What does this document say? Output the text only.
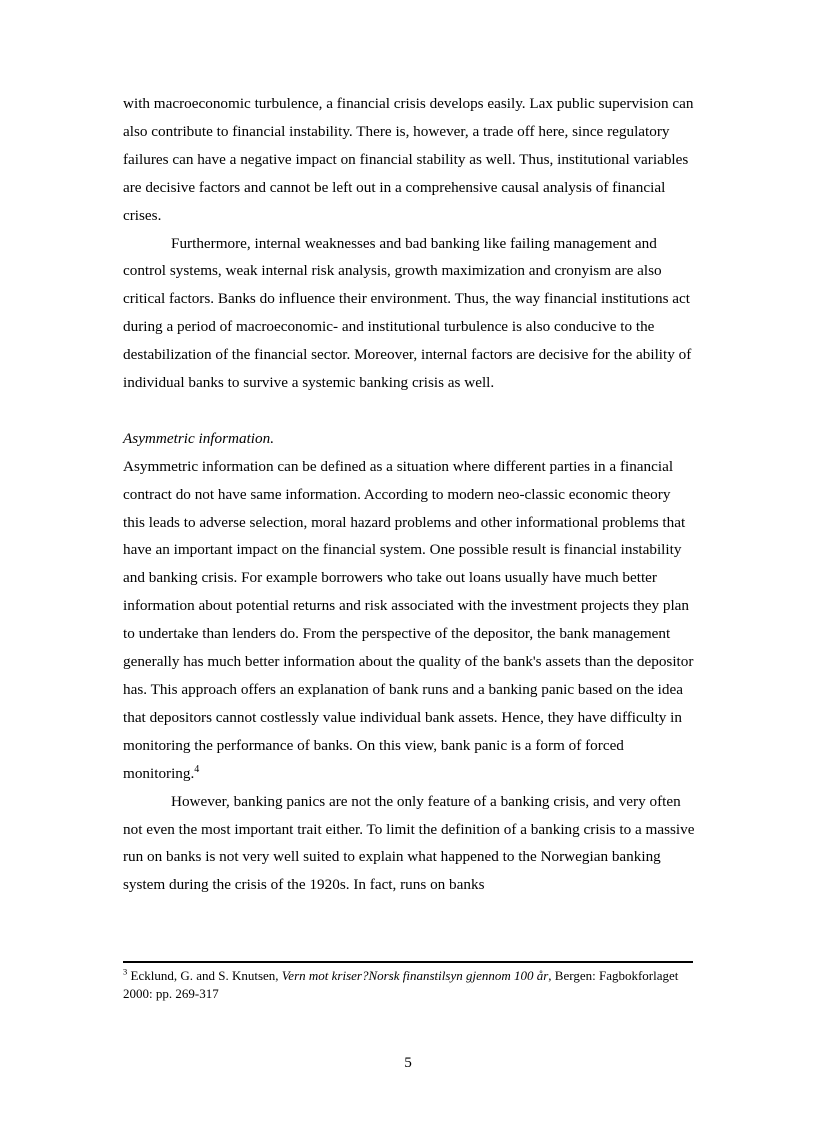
with macroeconomic turbulence, a financial crisis develops easily. Lax public supervision can also contribute to financial instability. There is, however, a trade off here, since regulatory failures can have a negative impact on financial stability as well. Thus, institutional variables are decisive factors and cannot be left out in a comprehensive causal analysis of financial crises.

Furthermore, internal weaknesses and bad banking like failing management and control systems, weak internal risk analysis, growth maximization and cronyism are also critical factors. Banks do influence their environment. Thus, the way financial institutions act during a period of macroeconomic- and institutional turbulence is also conducive to the destabilization of the financial sector. Moreover, internal factors are decisive for the ability of individual banks to survive a systemic banking crisis as well.

Asymmetric information.

Asymmetric information can be defined as a situation where different parties in a financial contract do not have same information. According to modern neo-classic economic theory this leads to adverse selection, moral hazard problems and other informational problems that have an important impact on the financial system. One possible result is financial instability and banking crisis. For example borrowers who take out loans usually have much better information about potential returns and risk associated with the investment projects they plan to undertake than lenders do. From the perspective of the depositor, the bank management generally has much better information about the quality of the bank's assets than the depositor has. This approach offers an explanation of bank runs and a banking panic based on the idea that depositors cannot costlessly value individual bank assets. Hence, they have difficulty in monitoring the performance of banks. On this view, bank panic is a form of forced monitoring.$^4$

However, banking panics are not the only feature of a banking crisis, and very often not even the most important trait either. To limit the definition of a banking crisis to a massive run on banks is not very well suited to explain what happened to the Norwegian banking system during the crisis of the 1920s. In fact, runs on banks

$^3$ Ecklund, G. and S. Knutsen, Vern mot kriser?Norsk finanstilsyn gjennom 100 år, Bergen: Fagbokforlaget 2000: pp. 269-317
5
